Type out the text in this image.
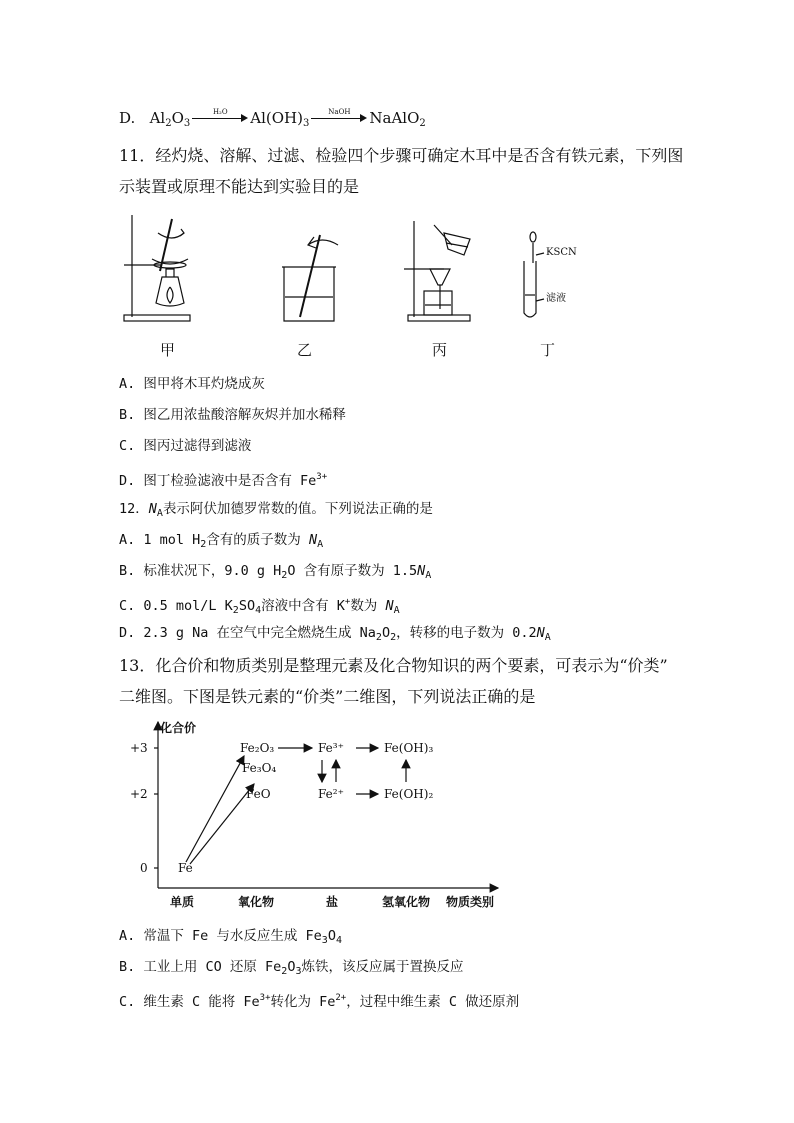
D. $Al_2O_3$
H₂O	$Al(OH)_3$
NaOH	NaAlO$_2$
11．经灼烧、溶解、过滤、检验四个步骤可确定木耳中是否含有铁元素，下列图
示装置或原理不能达到实验目的是
KSCN
滤液
甲	乙	丙	丁
A. 图甲将木耳灼烧成灰
B. 图乙用浓盐酸溶解灰烬并加水稀释
C. 图丙过滤得到滤液
D. 图丁检验滤液中是否含有 $Fe^{3+}$
12．$N_A$表示阿伏加德罗常数的值。下列说法正确的是
A. 1 mol $H_2$含有的质子数为 $N_A$
B. 标准状况下，9.0 g $H_2O$ 含有原子数为 $1.5N_A$
C. 0.5 mol/L $K_2SO_4$溶液中含有 K+数为 $N_A$
D. 2.3 g Na 在空气中完全燃烧生成 $Na_2O_2$，转移的电子数为 $0.2N_A$
13．化合价和物质类别是整理元素及化合物知识的两个要素，可表示为“价类”
二维图。下图是铁元素的“价类”二维图，下列说法正确的是
化合价
+3
+2
0	Fe
Fe₂O₃
Fe₃O₄
FeO
Fe³⁺
Fe²⁺
Fe(OH)₃
Fe(OH)₂
单质	氧化物	盐	氢氧化物 物质类别
A. 常温下 Fe 与水反应生成 $Fe_3O_4$
B. 工业上用 CO 还原 $Fe_2O_3$炼铁，该反应属于置换反应
C. 维生素 C 能将 $Fe^{3+}$转化为 $Fe^{2+}$，过程中维生素 C 做还原剂
